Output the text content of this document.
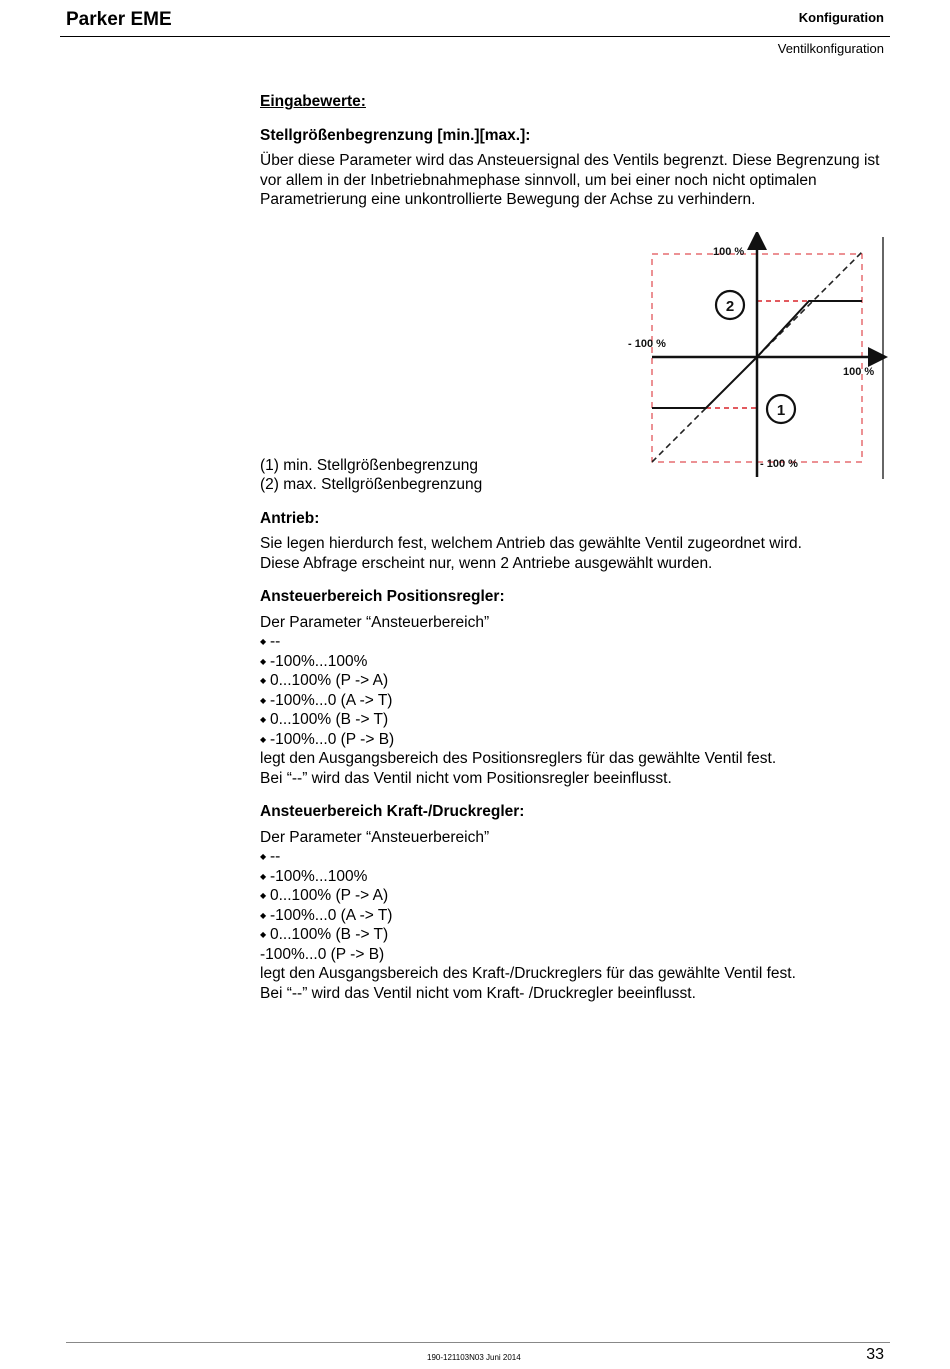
Parker EME	Konfiguration
Ventilkonfiguration
2
1
100 %
- 100 %
100 %
- 100 %

Eingabewerte:

Stellgrößenbegrenzung [min.][max.]:

Über diese Parameter wird das Ansteuersignal des Ventils begrenzt. Diese Begrenzung ist vor allem in der Inbetriebnahmephase sinnvoll, um bei einer noch nicht optimalen Parametrierung eine unkontrollierte Bewegung der Achse zu verhindern.

(1) min. Stellgrößenbegrenzung

(2) max. Stellgrößenbegrenzung

Antrieb:

Sie legen hierdurch fest, welchem Antrieb das gewählte Ventil zugeordnet wird.

Diese Abfrage erscheint nur, wenn 2 Antriebe ausgewählt wurden.

Ansteuerbereich Positionsregler:

Der Parameter “Ansteuerbereich”

◆ --

◆ -100%...100%

◆ 0...100% (P -> A)

◆ -100%...0 (A -> T)

◆ 0...100% (B -> T)

◆ -100%...0 (P -> B)

legt den Ausgangsbereich des Positionsreglers für das gewählte Ventil fest.

Bei “--” wird das Ventil nicht vom Positionsregler beeinflusst.

Ansteuerbereich Kraft-/Druckregler:

Der Parameter “Ansteuerbereich”

◆ --

◆ -100%...100%

◆ 0...100% (P -> A)

◆ -100%...0 (A -> T)

◆ 0...100% (B -> T)

-100%...0 (P -> B)

legt den Ausgangsbereich des Kraft-/Druckreglers für das gewählte Ventil fest.

Bei “--” wird das Ventil nicht vom Kraft- /Druckregler beeinflusst.

190-121103N03 Juni 2014	33
